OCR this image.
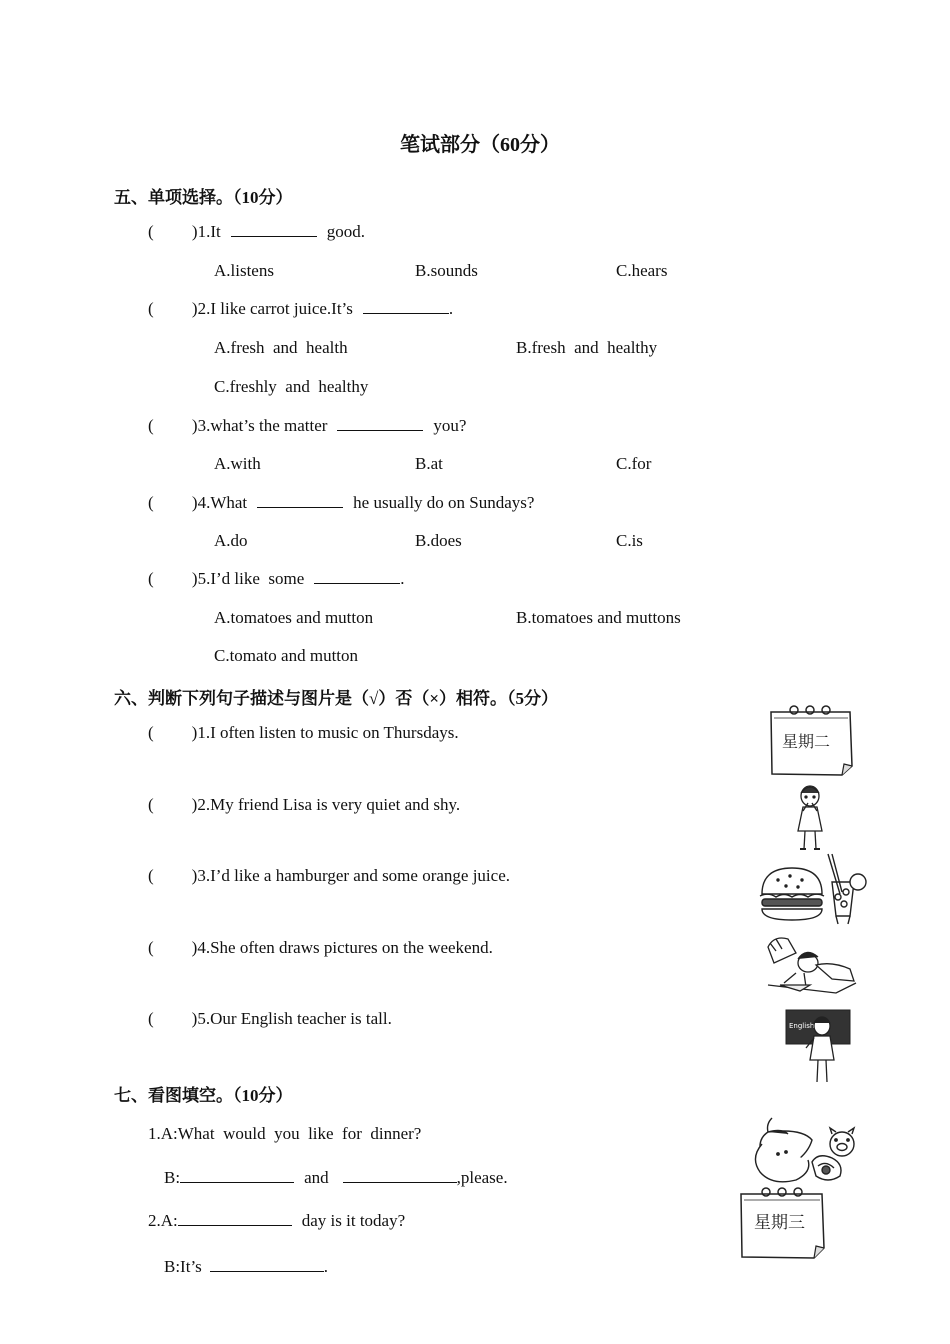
笔试部分（60分）
五、单项选择。（10分）
( )1.It	good.
A.listens	B.sounds	C.hears
( )2.I like carrot juice.It’s	.
A.fresh  and  health	B.fresh  and  healthy
C.freshly  and  healthy
( )3.what’s the matter	you?
A.with	B.at	C.for
( )4.What	he usually do on Sundays?
A.do	B.does	C.is
( )5.I’d like  some	.
A.tomatoes and mutton	B.tomatoes and muttons
C.tomato and mutton
六、判断下列句子描述与图片是（√）否（×）相符。（5分）
( )1.I often listen to music on Thursdays.
( )2.My friend Lisa is very quiet and shy.
( )3.I’d like a hamburger and some orange juice.
( )4.She often draws pictures on the weekend.
( )5.Our English teacher is tall.
星期二
English
七、看图填空。（10分）
1.A:What  would  you  like  for  dinner?
B:	and	,please.
2.A:	day is it today?
B:It’s	.
星期三
